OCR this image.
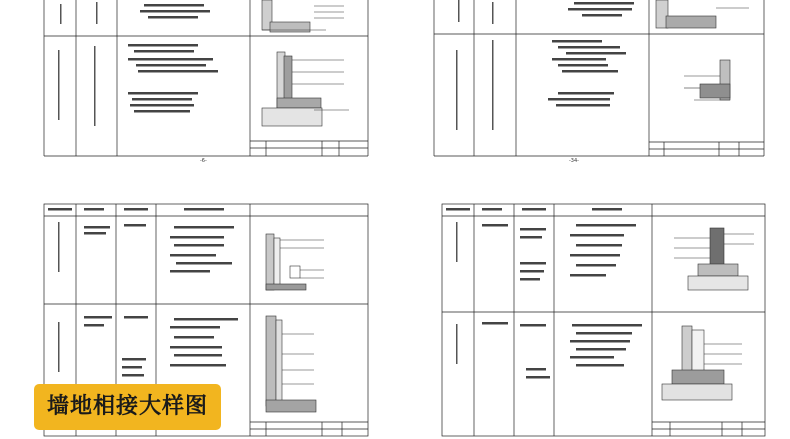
-6-	-34-
墙地相接大样图
